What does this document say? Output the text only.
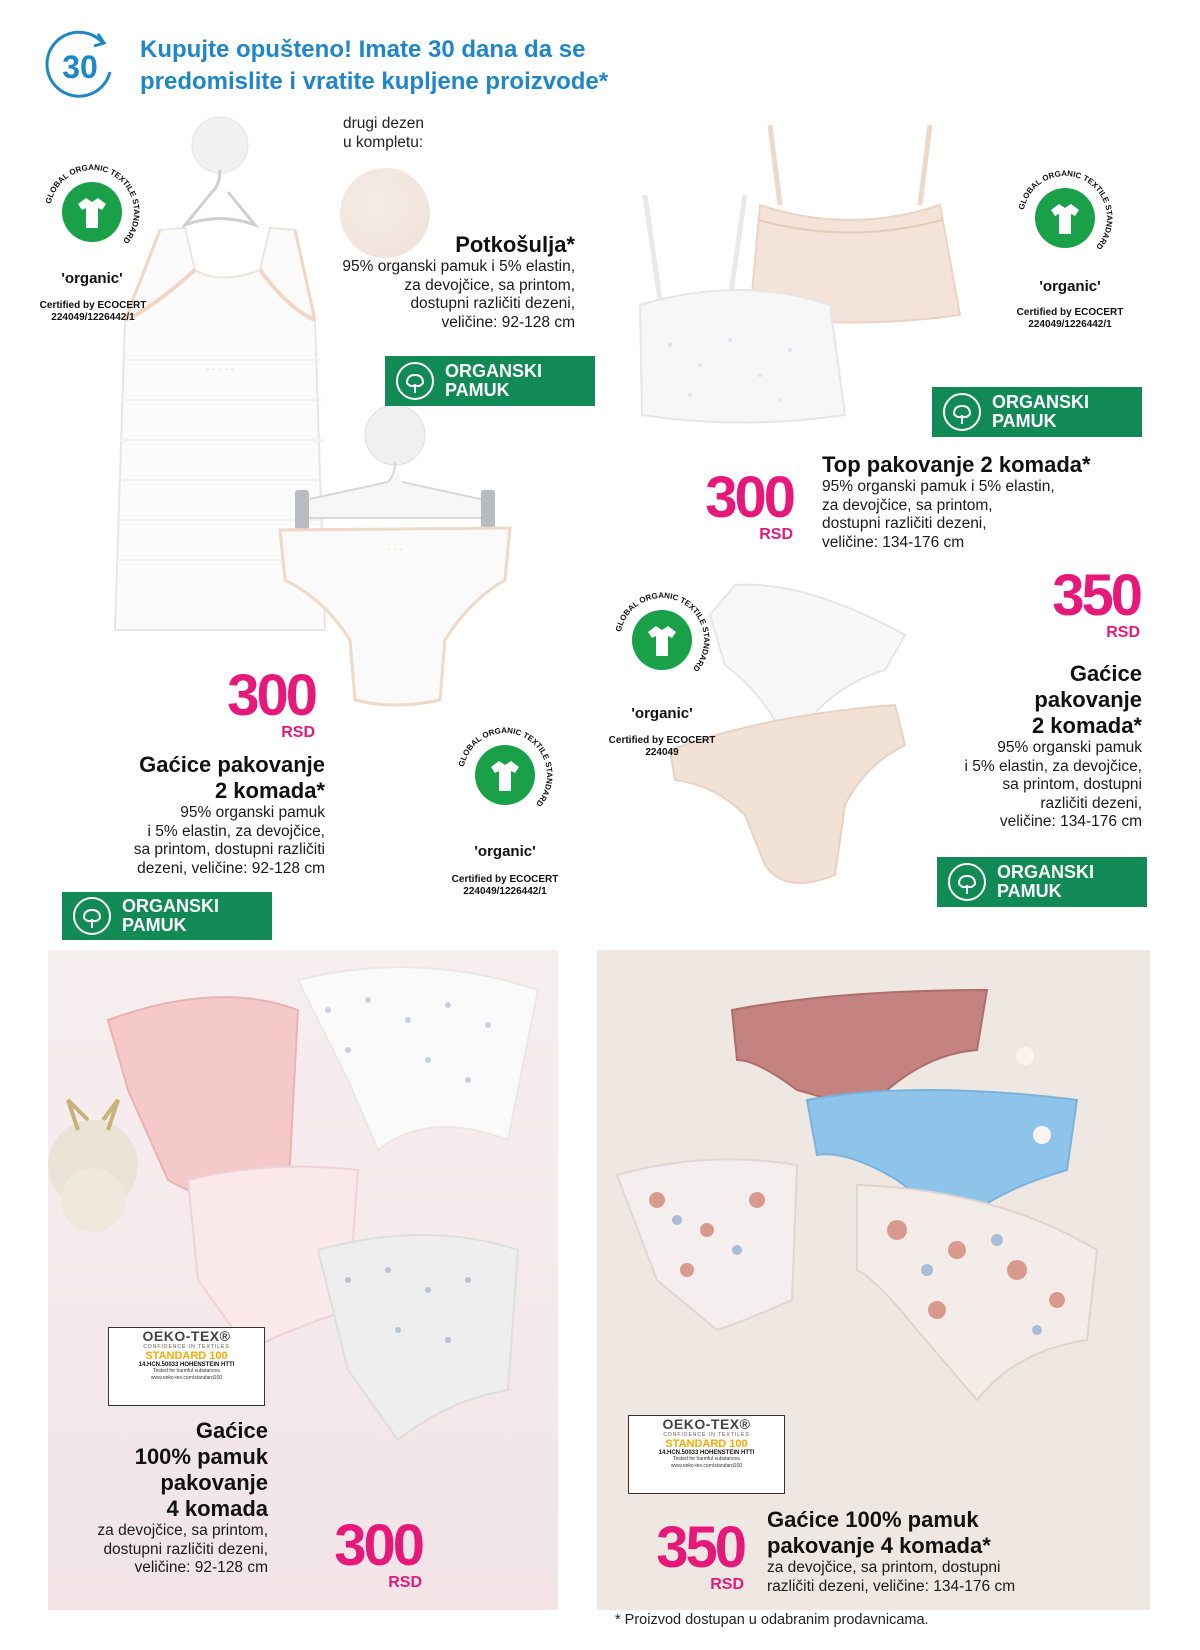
30 Kupujte opušteno! Imate 30 dana da se
predomislite i vratite kupljene proizvode*
· · · · ·
· · ·
drugi dezen
u kompletu:
GLOBAL ORGANIC TEXTILE STANDARD
'organic'
Certified by ECOCERT
224049/1226442/1
Potkošulja*
95% organski pamuk i 5% elastin,
za devojčice, sa printom,
dostupni različiti dezeni,
veličine: 92-128 cm
ORGANSKI
PAMUK
300
RSD
Gaćice pakovanje
2 komada*
95% organski pamuk
i 5% elastin, za devojčice,
sa printom, dostupni različiti
dezeni, veličine: 92-128 cm
ORGANSKI
PAMUK
GLOBAL ORGANIC TEXTILE STANDARD
'organic'
Certified by ECOCERT
224049/1226442/1
GLOBAL ORGANIC TEXTILE STANDARD
'organic'
Certified by ECOCERT
224049/1226442/1
ORGANSKI
PAMUK
300
RSD
Top pakovanje 2 komada*
95% organski pamuk i 5% elastin,
za devojčice, sa printom,
dostupni različiti dezeni,
veličine: 134-176 cm
GLOBAL ORGANIC TEXTILE STANDARD
'organic'
Certified by ECOCERT
224049
350
RSD
Gaćice
pakovanje
2 komada*
95% organski pamuk
i 5% elastin, za devojčice,
sa printom, dostupni
različiti dezeni,
veličine: 134-176 cm
ORGANSKI
PAMUK
OEKO-TEX®
CONFIDENCE IN TEXTILES
STANDARD 100
14.HCN.50033 HOHENSTEIN HTTI
Tested for harmful substances
www.oeko-tex.com/standard100
Gaćice
100% pamuk
pakovanje
4 komada
za devojčice, sa printom,
dostupni različiti dezeni,
veličine: 92-128 cm	300
RSD
OEKO-TEX®
CONFIDENCE IN TEXTILES
STANDARD 100
14.HCN.50033 HOHENSTEIN HTTI
Tested for harmful substances
www.oeko-tex.com/standard100
350
RSD
Gaćice 100% pamuk
pakovanje 4 komada*
za devojčice, sa printom, dostupni
različiti dezeni, veličine: 134-176 cm
* Proizvod dostupan u odabranim prodavnicama.
